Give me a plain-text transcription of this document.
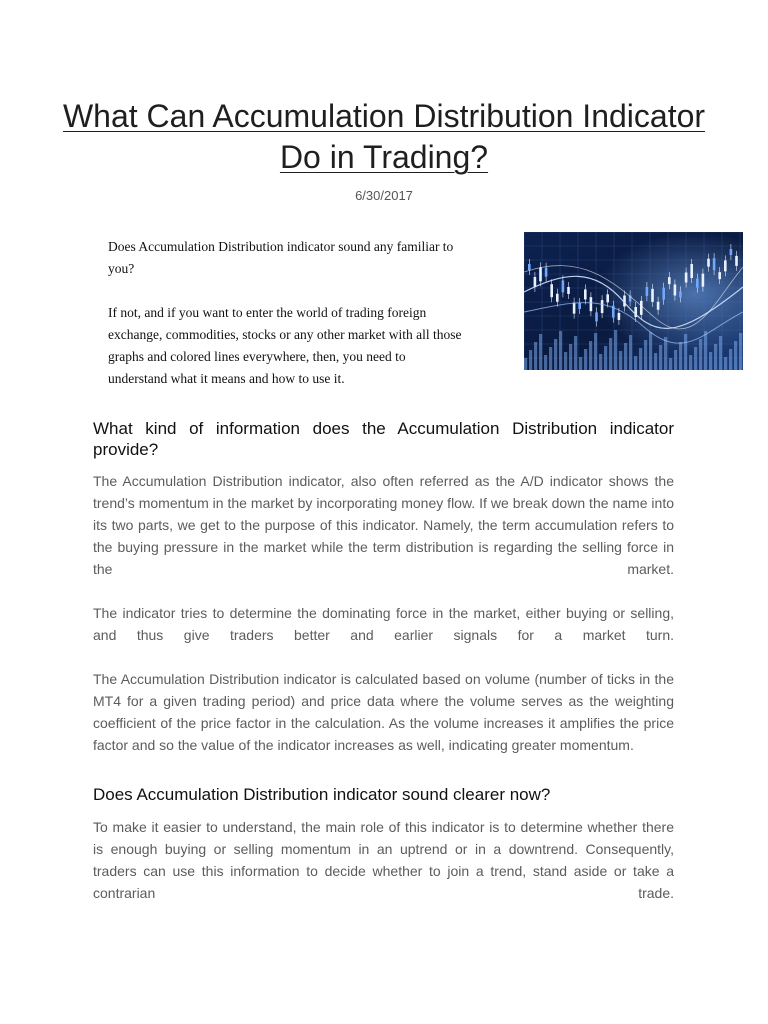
What Can Accumulation Distribution Indicator Do in Trading?
6/30/2017

Does Accumulation Distribution indicator sound any familiar to you?

If not, and if you want to enter the world of trading foreign exchange, commodities, stocks or any other market with all those graphs and colored lines everywhere, then, you need to understand what it means and how to use it.

What kind of information does the Accumulation Distribution indicator provide?

The Accumulation Distribution indicator, also often referred as the A/D indicator shows the trend’s momentum in the market by incorporating money flow. If we break down the name into its two parts, we get to the purpose of this indicator. Namely, the term accumulation refers to the buying pressure in the market while the term distribution is regarding the selling force in the market.

The indicator tries to determine the dominating force in the market, either buying or selling, and thus give traders better and earlier signals for a market turn.

The Accumulation Distribution indicator is calculated based on volume (number of ticks in the MT4 for a given trading period) and price data where the volume serves as the weighting coefficient of the price factor in the calculation. As the volume increases it amplifies the price factor and so the value of the indicator increases as well, indicating greater momentum.

Does Accumulation Distribution indicator sound clearer now?

To make it easier to understand, the main role of this indicator is to determine whether there is enough buying or selling momentum in an uptrend or in a downtrend. Consequently, traders can use this information to decide whether to join a trend, stand aside or take a contrarian trade.
